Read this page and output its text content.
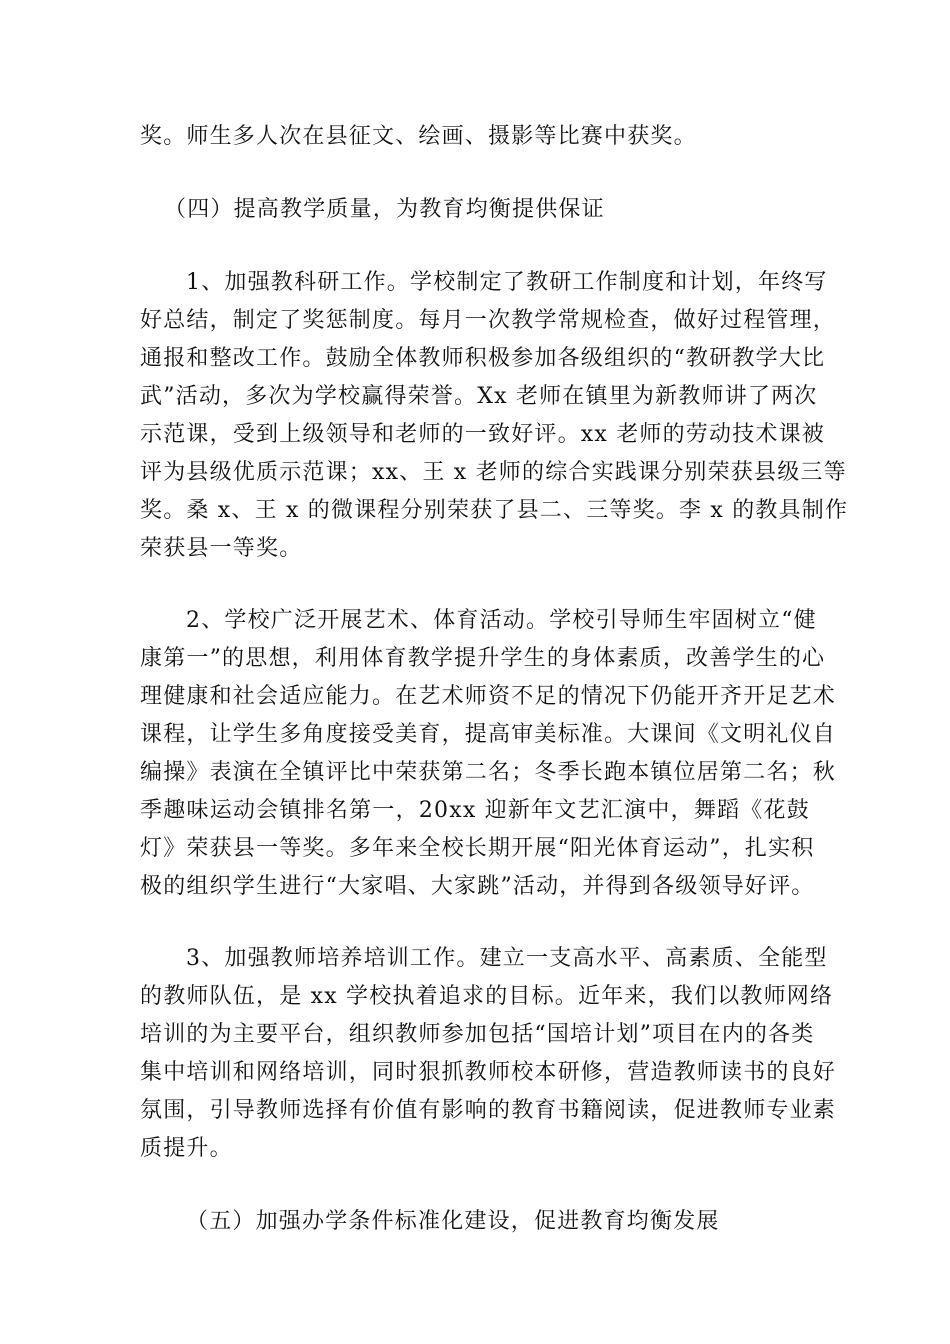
奖。师生多人次在县征文、绘画、摄影等比赛中获奖。
（四）提高教学质量，为教育均衡提供保证
1、加强教科研工作。学校制定了教研工作制度和计划，年终写
好总结，制定了奖惩制度。每月一次教学常规检查，做好过程管理，
通报和整改工作。鼓励全体教师积极参加各级组织的“教研教学大比
武”活动，多次为学校赢得荣誉。Xx 老师在镇里为新教师讲了两次
示范课，受到上级领导和老师的一致好评。xx 老师的劳动技术课被
评为县级优质示范课；xx、王 x 老师的综合实践课分别荣获县级三等
奖。桑 x、王 x 的微课程分别荣获了县二、三等奖。李 x 的教具制作
荣获县一等奖。
2、学校广泛开展艺术、体育活动。学校引导师生牢固树立“健
康第一”的思想，利用体育教学提升学生的身体素质，改善学生的心
理健康和社会适应能力。在艺术师资不足的情况下仍能开齐开足艺术
课程，让学生多角度接受美育，提高审美标准。大课间《文明礼仪自
编操》表演在全镇评比中荣获第二名；冬季长跑本镇位居第二名；秋
季趣味运动会镇排名第一，20xx 迎新年文艺汇演中，舞蹈《花鼓
灯》荣获县一等奖。多年来全校长期开展“阳光体育运动”，扎实积
极的组织学生进行“大家唱、大家跳”活动，并得到各级领导好评。
3、加强教师培养培训工作。建立一支高水平、高素质、全能型
的教师队伍，是 xx 学校执着追求的目标。近年来，我们以教师网络
培训的为主要平台，组织教师参加包括“国培计划”项目在内的各类
集中培训和网络培训，同时狠抓教师校本研修，营造教师读书的良好
氛围，引导教师选择有价值有影响的教育书籍阅读，促进教师专业素
质提升。
（五）加强办学条件标准化建设，促进教育均衡发展
